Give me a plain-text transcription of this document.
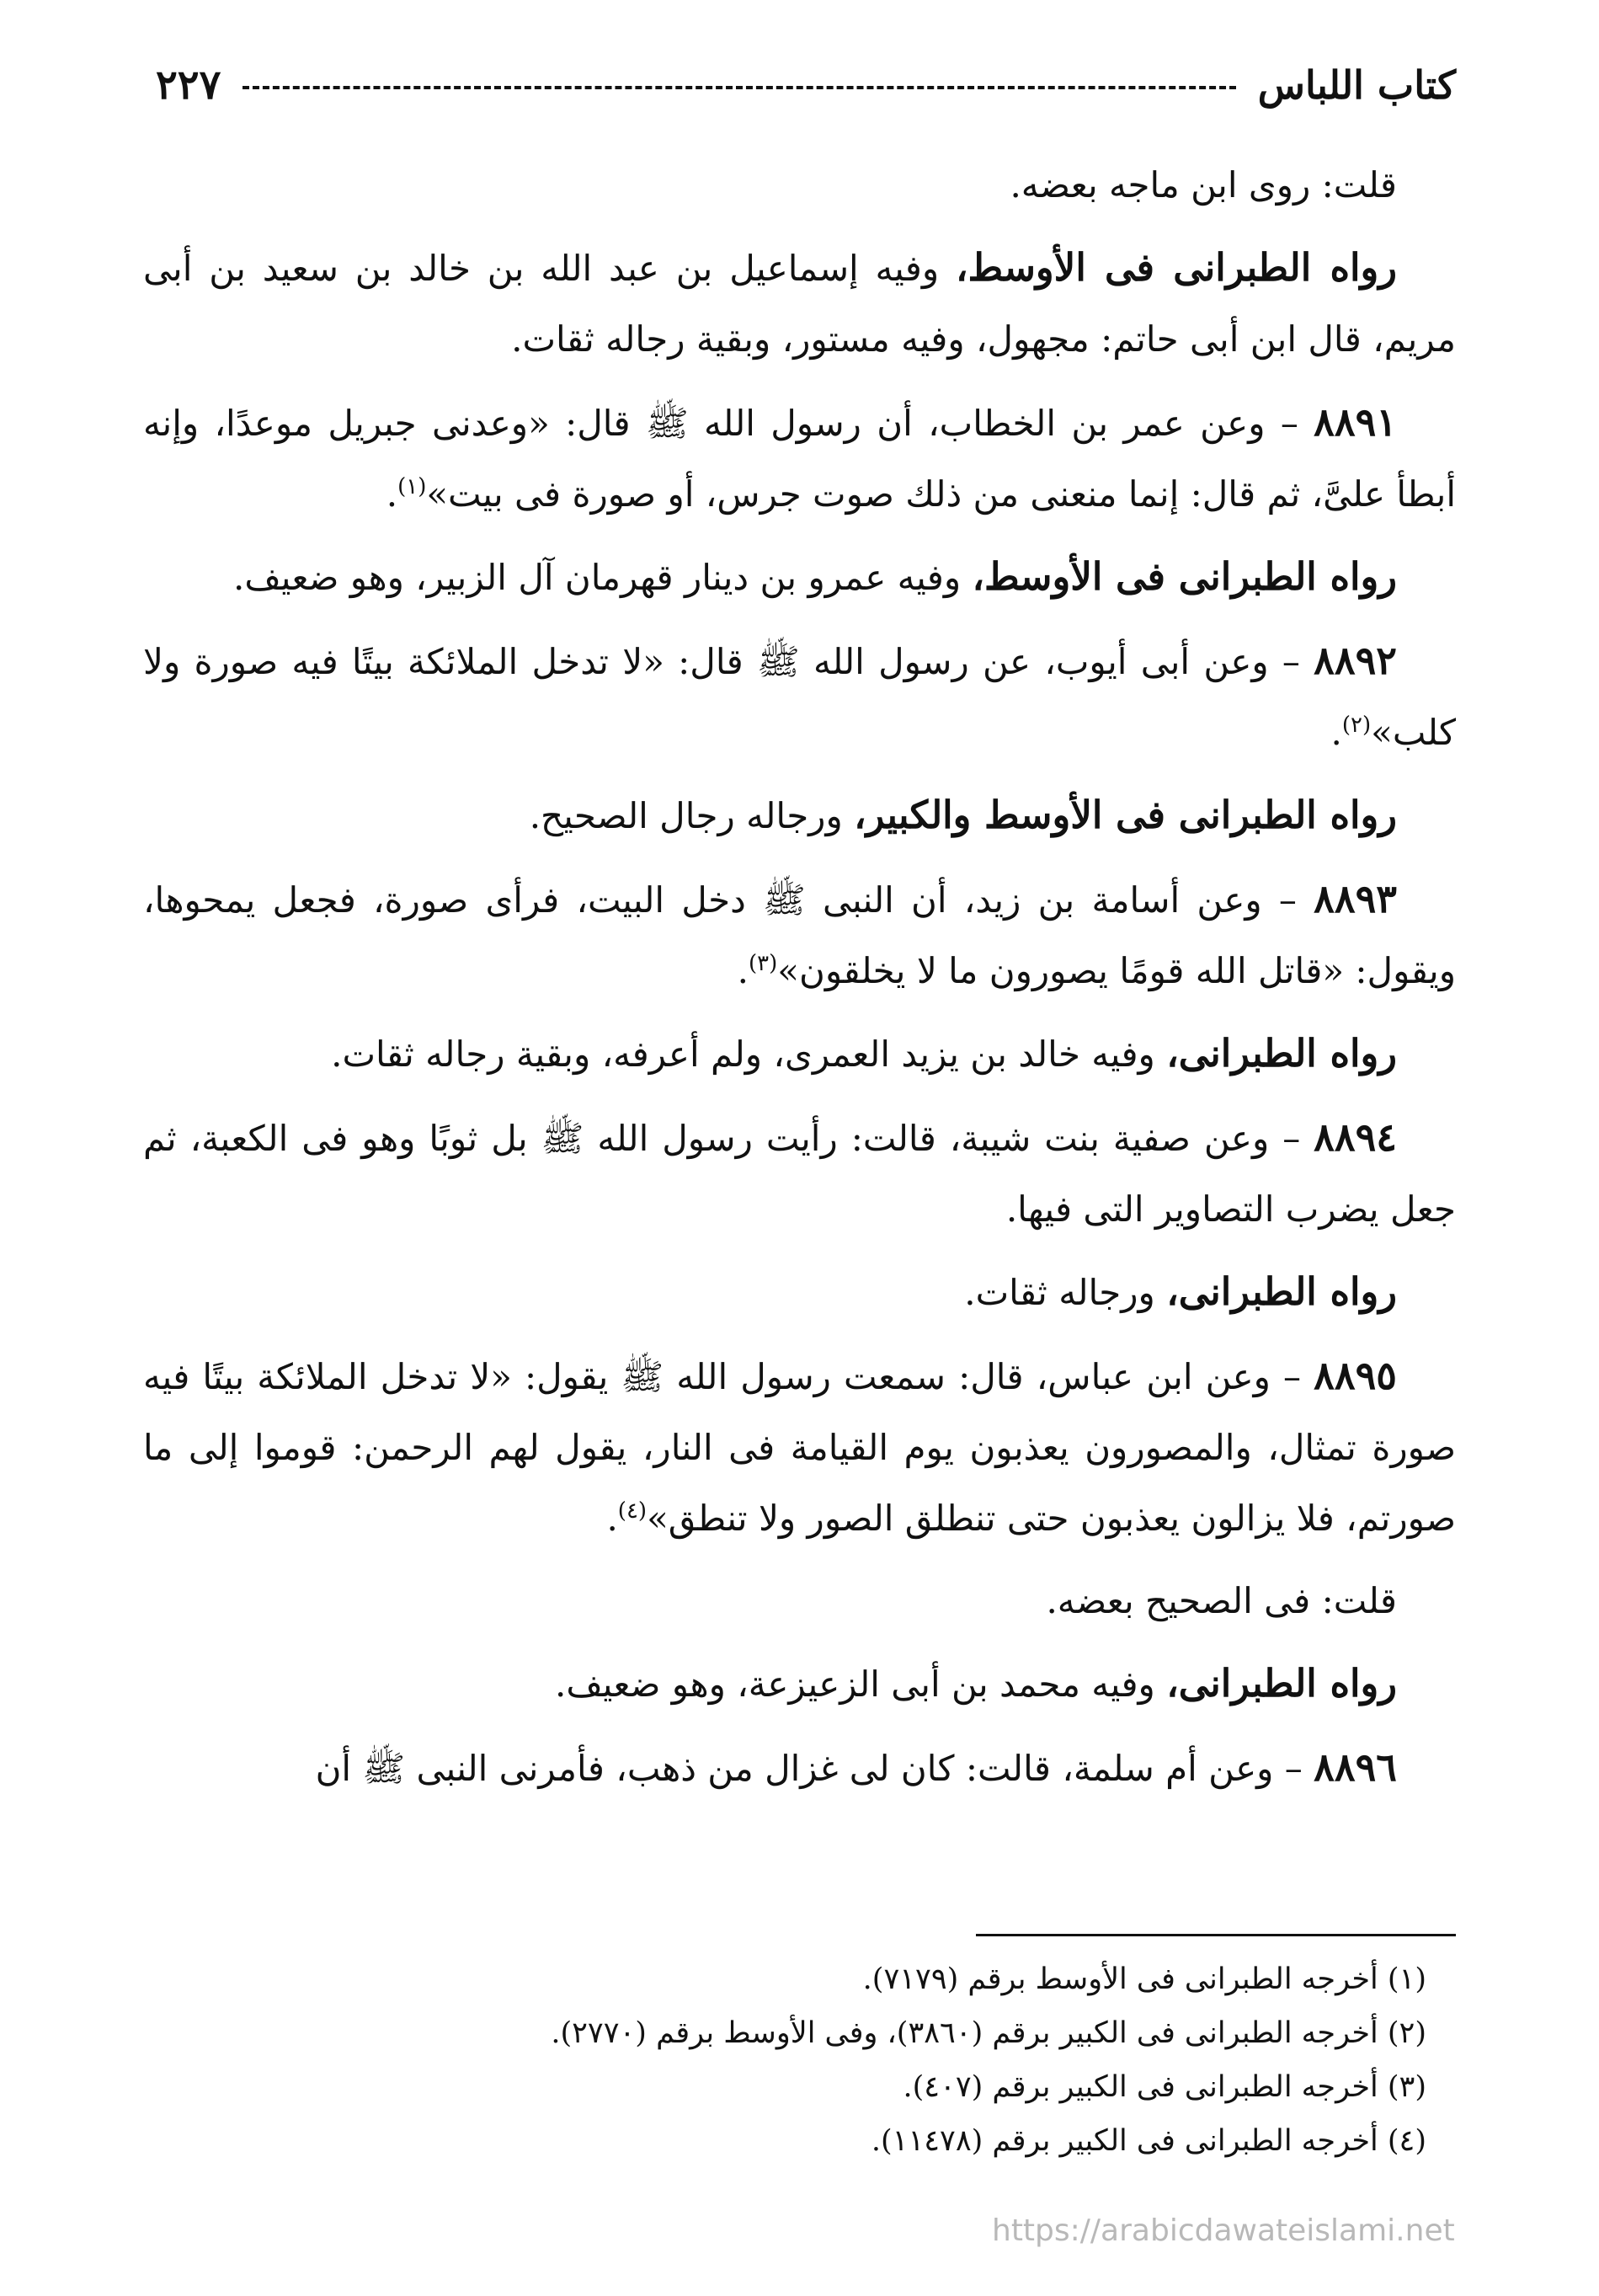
كتاب اللباس
٢٢٧

قلت: روى ابن ماجه بعضه.

رواه الطبرانى فى الأوسط، وفيه إسماعيل بن عبد الله بن خالد بن سعيد بن أبى مريم، قال ابن أبى حاتم: مجهول، وفيه مستور، وبقية رجاله ثقات.

٨٨٩١ – وعن عمر بن الخطاب، أن رسول الله ﷺ قال: «وعدنى جبريل موعدًا، وإنه أبطأ علىَّ، ثم قال: إنما منعنى من ذلك صوت جرس، أو صورة فى بيت»$^{(١)}$.

رواه الطبرانى فى الأوسط، وفيه عمرو بن دينار قهرمان آل الزبير، وهو ضعيف.

٨٨٩٢ – وعن أبى أيوب، عن رسول الله ﷺ قال: «لا تدخل الملائكة بيتًا فيه صورة ولا كلب»$^{(٢)}$.

رواه الطبرانى فى الأوسط والكبير، ورجاله رجال الصحيح.

٨٨٩٣ – وعن أسامة بن زيد، أن النبى ﷺ دخل البيت، فرأى صورة، فجعل يمحوها، ويقول: «قاتل الله قومًا يصورون ما لا يخلقون»$^{(٣)}$.

رواه الطبرانى، وفيه خالد بن يزيد العمرى، ولم أعرفه، وبقية رجاله ثقات.

٨٨٩٤ – وعن صفية بنت شيبة، قالت: رأيت رسول الله ﷺ بل ثوبًا وهو فى الكعبة، ثم جعل يضرب التصاوير التى فيها.

رواه الطبرانى، ورجاله ثقات.

٨٨٩٥ – وعن ابن عباس، قال: سمعت رسول الله ﷺ يقول: «لا تدخل الملائكة بيتًا فيه صورة تمثال، والمصورون يعذبون يوم القيامة فى النار، يقول لهم الرحمن: قوموا إلى ما صورتم، فلا يزالون يعذبون حتى تنطلق الصور ولا تنطق»$^{(٤)}$.

قلت: فى الصحيح بعضه.

رواه الطبرانى، وفيه محمد بن أبى الزعيزعة، وهو ضعيف.

٨٨٩٦ – وعن أم سلمة، قالت: كان لى غزال من ذهب، فأمرنى النبى ﷺ أن

(١) أخرجه الطبرانى فى الأوسط برقم (٧١٧٩).

(٢) أخرجه الطبرانى فى الكبير برقم (٣٨٦٠)، وفى الأوسط برقم (٢٧٧٠).

(٣) أخرجه الطبرانى فى الكبير برقم (٤٠٧).

(٤) أخرجه الطبرانى فى الكبير برقم (١١٤٧٨).

https://arabicdawateislami.net
